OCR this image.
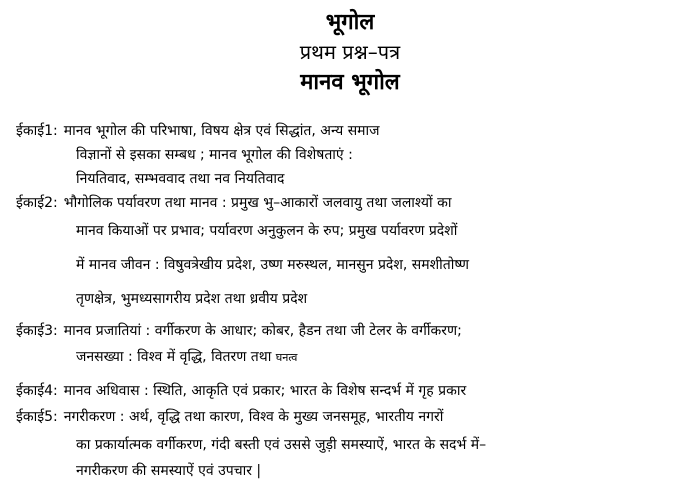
भूगोल
प्रथम प्रश्न–पत्र
मानव भूगोल
ईकाई1: मानव भूगोल की परिभाषा, विषय क्षेत्र एवं सिद्धांत, अन्य समाज
विज्ञानों से इसका सम्बध ; मानव भूगोल की विशेषताएं :
नियतिवाद, सम्भववाद तथा नव नियतिवाद
ईकाई2: भौगोलिक पर्यावरण तथा मानव : प्रमुख भु–आकारों जलवायु तथा जलाश्यों का
मानव कियाओं पर प्रभाव; पर्यावरण अनुकुलन के रुप; प्रमुख पर्यावरण प्रदेशों
में मानव जीवन : विषुवत्रेखीय प्रदेश, उष्ण मरुस्थल, मानसुन प्रदेश, समशीतोष्ण
तृणक्षेत्र, भुमध्यसागरीय प्रदेश तथा ध्रवीय प्रदेश
ईकाई3: मानव प्रजातियां : वर्गीकरण के आधार; कोबर, हैडन तथा जी टेलर के वर्गीकरण;
जनसख्या : विश्व में वृद्धि, वितरण तथा घनत्व
ईकाई4: मानव अधिवास : स्थिति, आकृति एवं प्रकार; भारत के विशेष सन्दर्भ में गृह प्रकार
ईकाई5: नगरीकरण : अर्थ, वृद्धि तथा कारण, विश्व के मुख्य जनसमूह, भारतीय नगरों
का प्रकार्यात्मक वर्गीकरण, गंदी बस्ती एवं उससे जुड़ी समस्याऐं, भारत के सदर्भ में–
नगरीकरण की समस्याऐं एवं उपचार |
